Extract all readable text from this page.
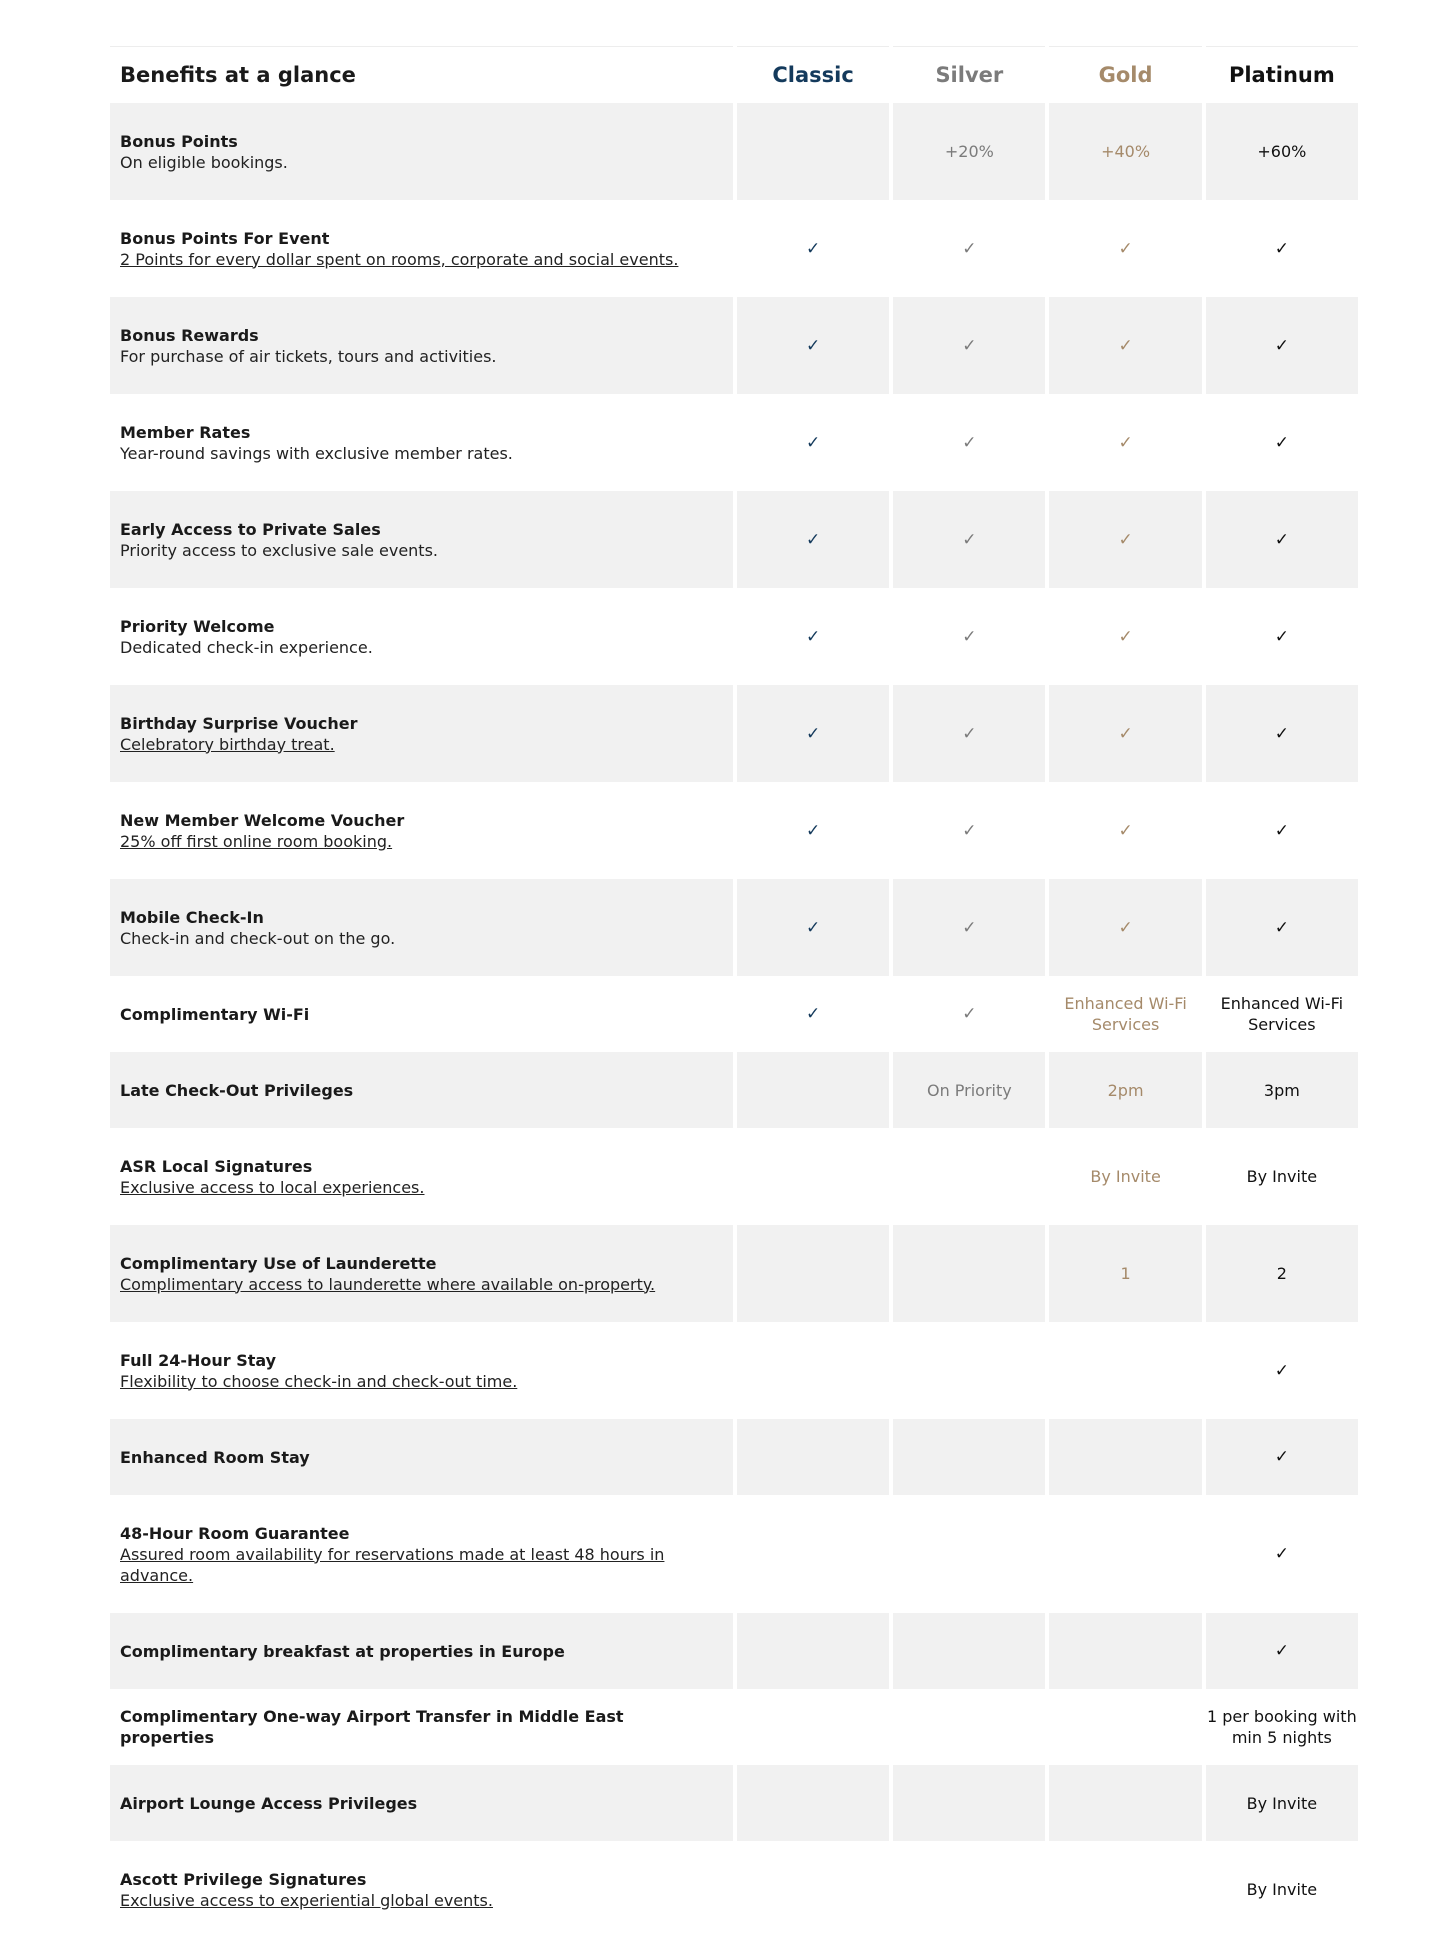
Benefits at a glance	Classic	Silver	Gold	Platinum

Bonus Points
On eligible bookings.		+20%	+40%	+60%

Bonus Points For Event
2 Points for every dollar spent on rooms, corporate and social events.	✓	✓	✓	✓

Bonus Rewards
For purchase of air tickets, tours and activities.	✓	✓	✓	✓

Member Rates
Year-round savings with exclusive member rates.	✓	✓	✓	✓

Early Access to Private Sales
Priority access to exclusive sale events.	✓	✓	✓	✓

Priority Welcome
Dedicated check-in experience.	✓	✓	✓	✓

Birthday Surprise Voucher
Celebratory birthday treat.	✓	✓	✓	✓

New Member Welcome Voucher
25% off first online room booking.	✓	✓	✓	✓

Mobile Check-In
Check-in and check-out on the go.	✓	✓	✓	✓

Complimentary Wi-Fi	✓	✓	Enhanced Wi-Fi Services	Enhanced Wi-Fi Services

Late Check-Out Privileges		On Priority	2pm	3pm

ASR Local Signatures
Exclusive access to local experiences.			By Invite	By Invite

Complimentary Use of Launderette
Complimentary access to launderette where available on-property.			1	2

Full 24-Hour Stay
Flexibility to choose check-in and check-out time.				✓

Enhanced Room Stay				✓

48-Hour Room Guarantee
Assured room availability for reservations made at least 48 hours in advance.				✓

Complimentary breakfast at properties in Europe				✓

Complimentary One-way Airport Transfer in Middle East properties				1 per booking with min 5 nights

Airport Lounge Access Privileges				By Invite

Ascott Privilege Signatures
Exclusive access to experiential global events.				By Invite
